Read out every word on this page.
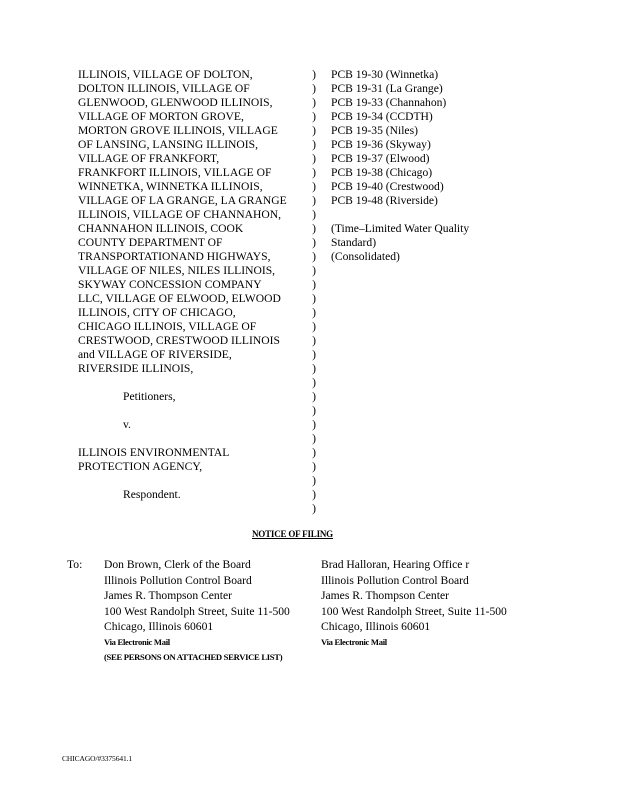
ILLINOIS, VILLAGE OF DOLTON,
DOLTON ILLINOIS, VILLAGE OF
GLENWOOD, GLENWOOD ILLINOIS,
VILLAGE OF MORTON GROVE,
MORTON GROVE ILLINOIS, VILLAGE
OF LANSING, LANSING ILLINOIS,
VILLAGE OF FRANKFORT,
FRANKFORT ILLINOIS, VILLAGE OF
WINNETKA, WINNETKA ILLINOIS,
VILLAGE OF LA GRANGE, LA GRANGE
ILLINOIS, VILLAGE OF CHANNAHON,
CHANNAHON ILLINOIS, COOK
COUNTY DEPARTMENT OF
TRANSPORTATIONAND HIGHWAYS,
VILLAGE OF NILES, NILES ILLINOIS,
SKYWAY CONCESSION COMPANY
LLC, VILLAGE OF ELWOOD, ELWOOD
ILLINOIS, CITY OF CHICAGO,
CHICAGO ILLINOIS, VILLAGE OF
CRESTWOOD, CRESTWOOD ILLINOIS
and VILLAGE OF RIVERSIDE,
RIVERSIDE ILLINOIS,
Petitioners,
v.
ILLINOIS ENVIRONMENTAL
PROTECTION AGENCY,
Respondent.
)
)
)
)
)
)
)
)
)
)
)
)
)
)
)
)
)
)
)
)
)
)
)
)
)
)
)
)
)
)
)
)
PCB 19-30 (Winnetka)
PCB 19-31 (La Grange)
PCB 19-33 (Channahon)
PCB 19-34 (CCDTH)
PCB 19-35 (Niles)
PCB 19-36 (Skyway)
PCB 19-37 (Elwood)
PCB 19-38 (Chicago)
PCB 19-40 (Crestwood)
PCB 19-48 (Riverside)
(Time–Limited Water Quality
Standard)
(Consolidated)
NOTICE OF FILING
To: Don Brown, Clerk of the Board
Illinois Pollution Control Board
James R. Thompson Center
100 West Randolph Street, Suite 11-500
Chicago, Illinois 60601
Via Electronic Mail
(SEE PERSONS ON ATTACHED SERVICE LIST)
Brad Halloran, Hearing Office r
Illinois Pollution Control Board
James R. Thompson Center
100 West Randolph Street, Suite 11-500
Chicago, Illinois 60601
Via Electronic Mail
CHICAGO/#3375641.1
